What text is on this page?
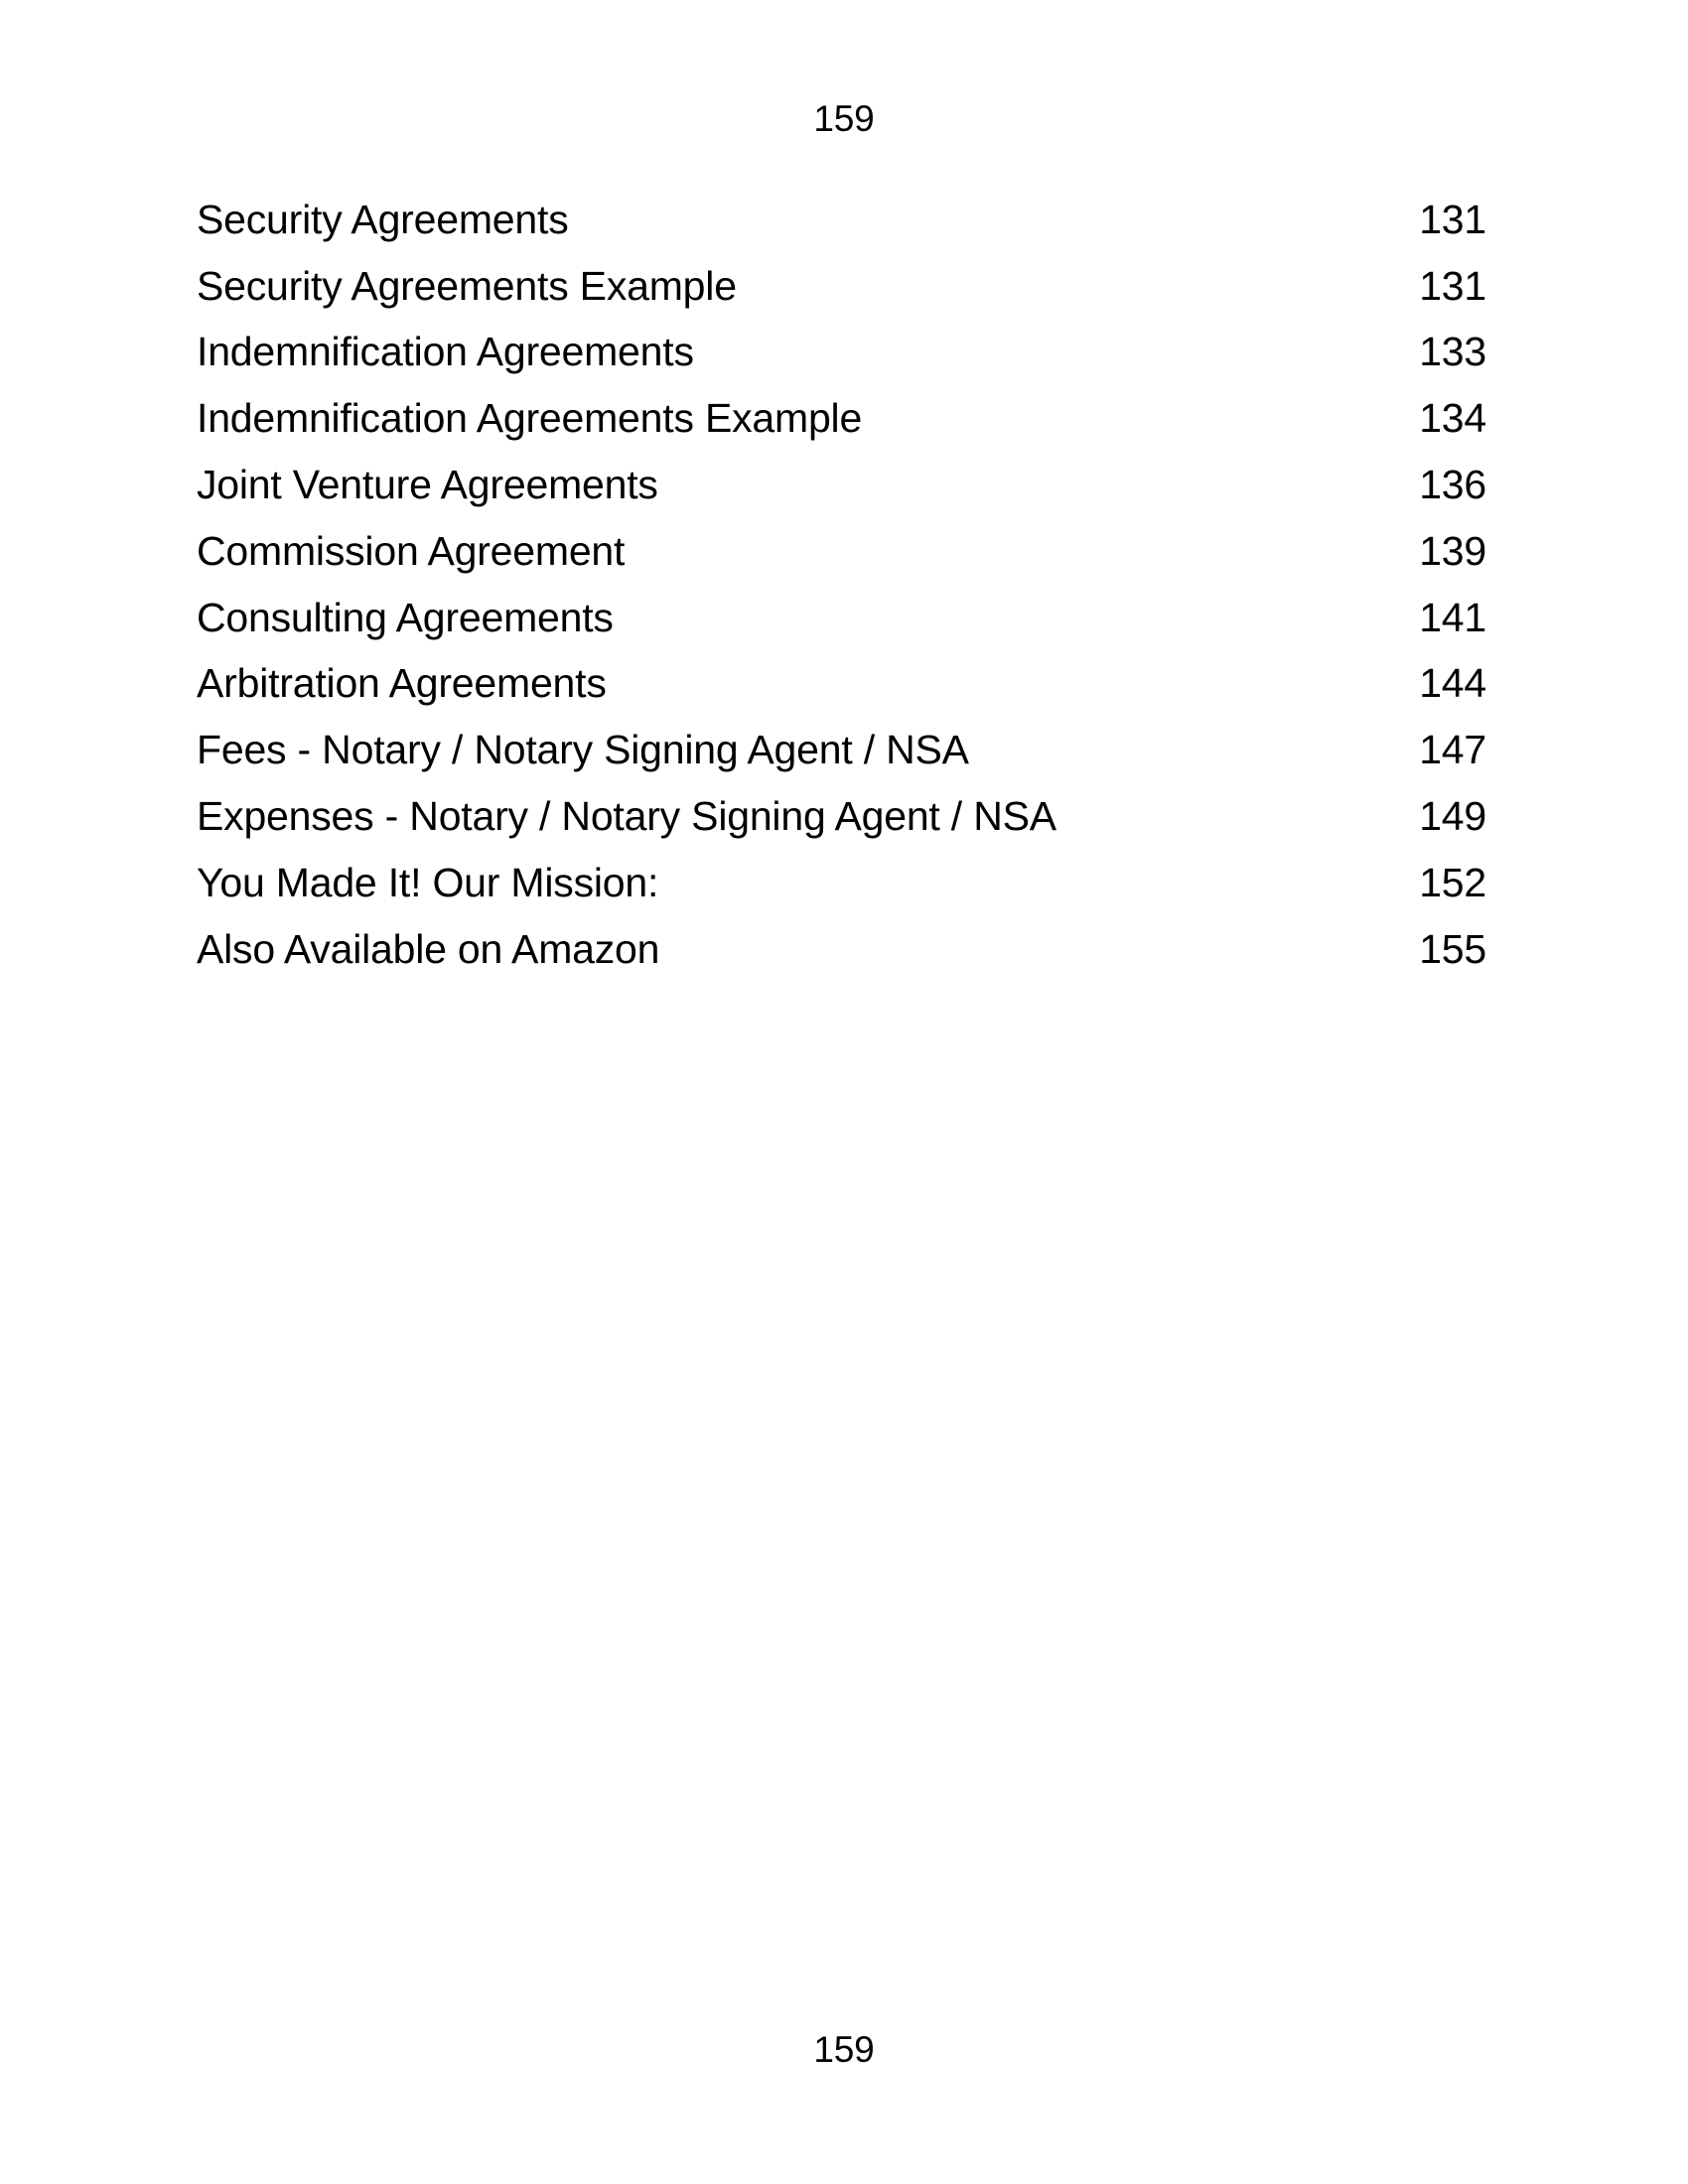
159
Security Agreements	131
Security Agreements Example	131
Indemnification Agreements	133
Indemnification Agreements Example	134
Joint Venture Agreements	136
Commission Agreement	139
Consulting Agreements	141
Arbitration Agreements	144
Fees - Notary / Notary Signing Agent / NSA	147
Expenses - Notary / Notary Signing Agent / NSA	149
You Made It! Our Mission:	152
Also Available on Amazon	155
159
